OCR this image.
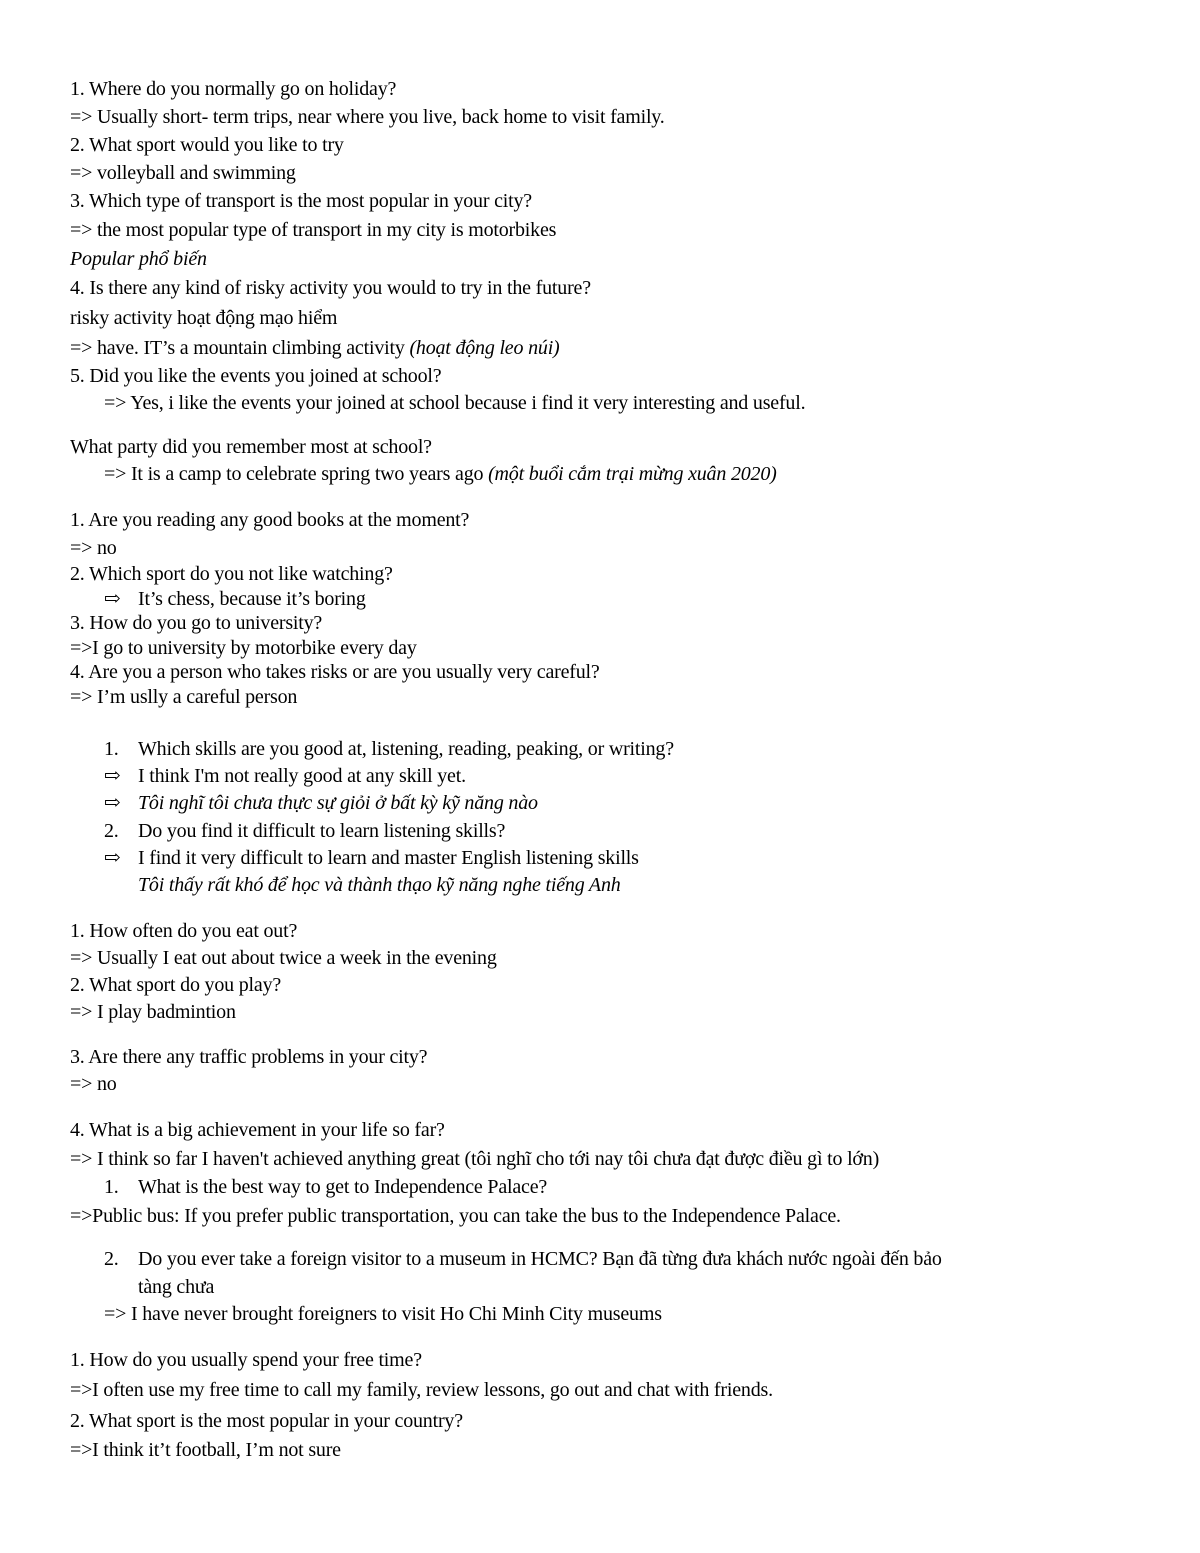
1. Where do you normally go on holiday?
=> Usually short- term trips, near where you live, back home to visit family.
2. What sport would you like to try
=> volleyball and swimming
3. Which type of transport is the most popular in your city?
=> the most popular type of transport in my city is motorbikes
Popular phổ biến
4. Is there any kind of risky activity you would to try in the future?
risky activity hoạt động mạo hiểm
=> have. IT’s a mountain climbing activity (hoạt động leo núi)
5. Did you like the events you joined at school?
=> Yes, i like the events your joined at school because i find it very interesting and useful.
What party did you remember most at school?
=> It is a camp to celebrate spring two years ago (một buổi cắm trại mừng xuân 2020)
1. Are you reading any good books at the moment?
=> no
2. Which sport do you not like watching?
⇨ It’s chess, because it’s boring
3. How do you go to university?
=>I go to university by motorbike every day
4. Are you a person who takes risks or are you usually very careful?
=> I’m uslly a careful person
1. Which skills are you good at, listening, reading, peaking, or writing?
⇨ I think I'm not really good at any skill yet.
⇨ Tôi nghĩ tôi chưa thực sự giỏi ở bất kỳ kỹ năng nào
2. Do you find it difficult to learn listening skills?
⇨ I find it very difficult to learn and master English listening skills
Tôi thấy rất khó để học và thành thạo kỹ năng nghe tiếng Anh
1. How often do you eat out?
=> Usually I eat out about twice a week in the evening
2. What sport do you play?
=> I play badmintion
3. Are there any traffic problems in your city?
=> no
4. What is a big achievement in your life so far?
=> I think so far I haven't achieved anything great (tôi nghĩ cho tới nay tôi chưa đạt được điều gì to lớn)
1. What is the best way to get to Independence Palace?
=>Public bus: If you prefer public transportation, you can take the bus to the Independence Palace.
2. Do you ever take a foreign visitor to a museum in HCMC? Bạn đã từng đưa khách nước ngoài đến bảo
tàng chưa
=> I have never brought foreigners to visit Ho Chi Minh City museums
1. How do you usually spend your free time?
=>I often use my free time to call my family, review lessons, go out and chat with friends.
2. What sport is the most popular in your country?
=>I think it’t football, I’m not sure
